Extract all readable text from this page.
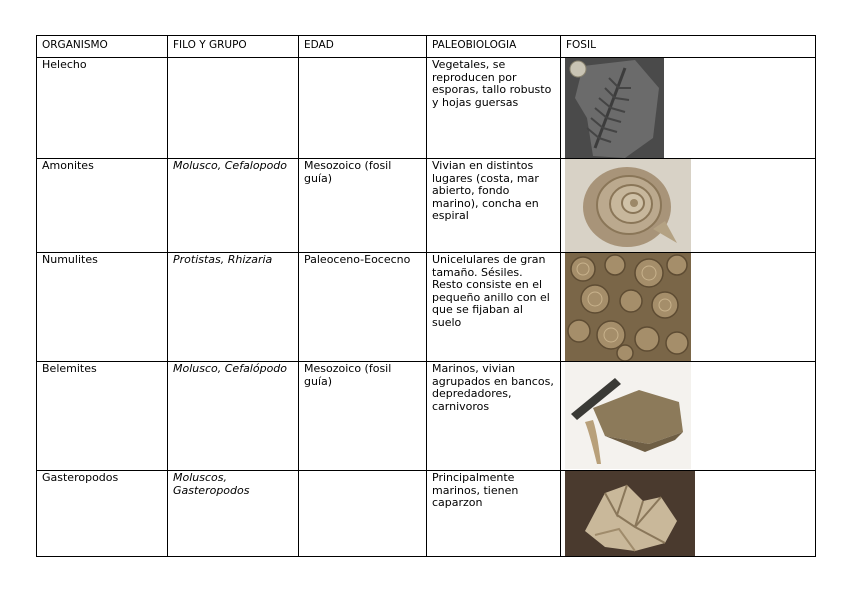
ORGANISMO	FILO Y GRUPO	EDAD	PALEOBIOLOGIA	FOSIL
Helecho			Vegetales, se reproducen por esporas, tallo robusto y hojas guersas	

Amonites	Molusco, Cefalopodo	Mesozoico (fosil guía)	Vivian en distintos lugares (costa, mar abierto, fondo marino), concha en espiral	

Numulites	Protistas, Rhizaria	Paleoceno-Eocecno	Unicelulares de gran tamaño. Sésiles. Resto consiste en el pequeño anillo con el que se fijaban al suelo	

Belemites	Molusco, Cefalópodo	Mesozoico (fosil guía)	Marinos, vivian agrupados en bancos, depredadores, carnivoros	

Gasteropodos	Moluscos, Gasteropodos		Principalmente marinos, tienen caparzon	
